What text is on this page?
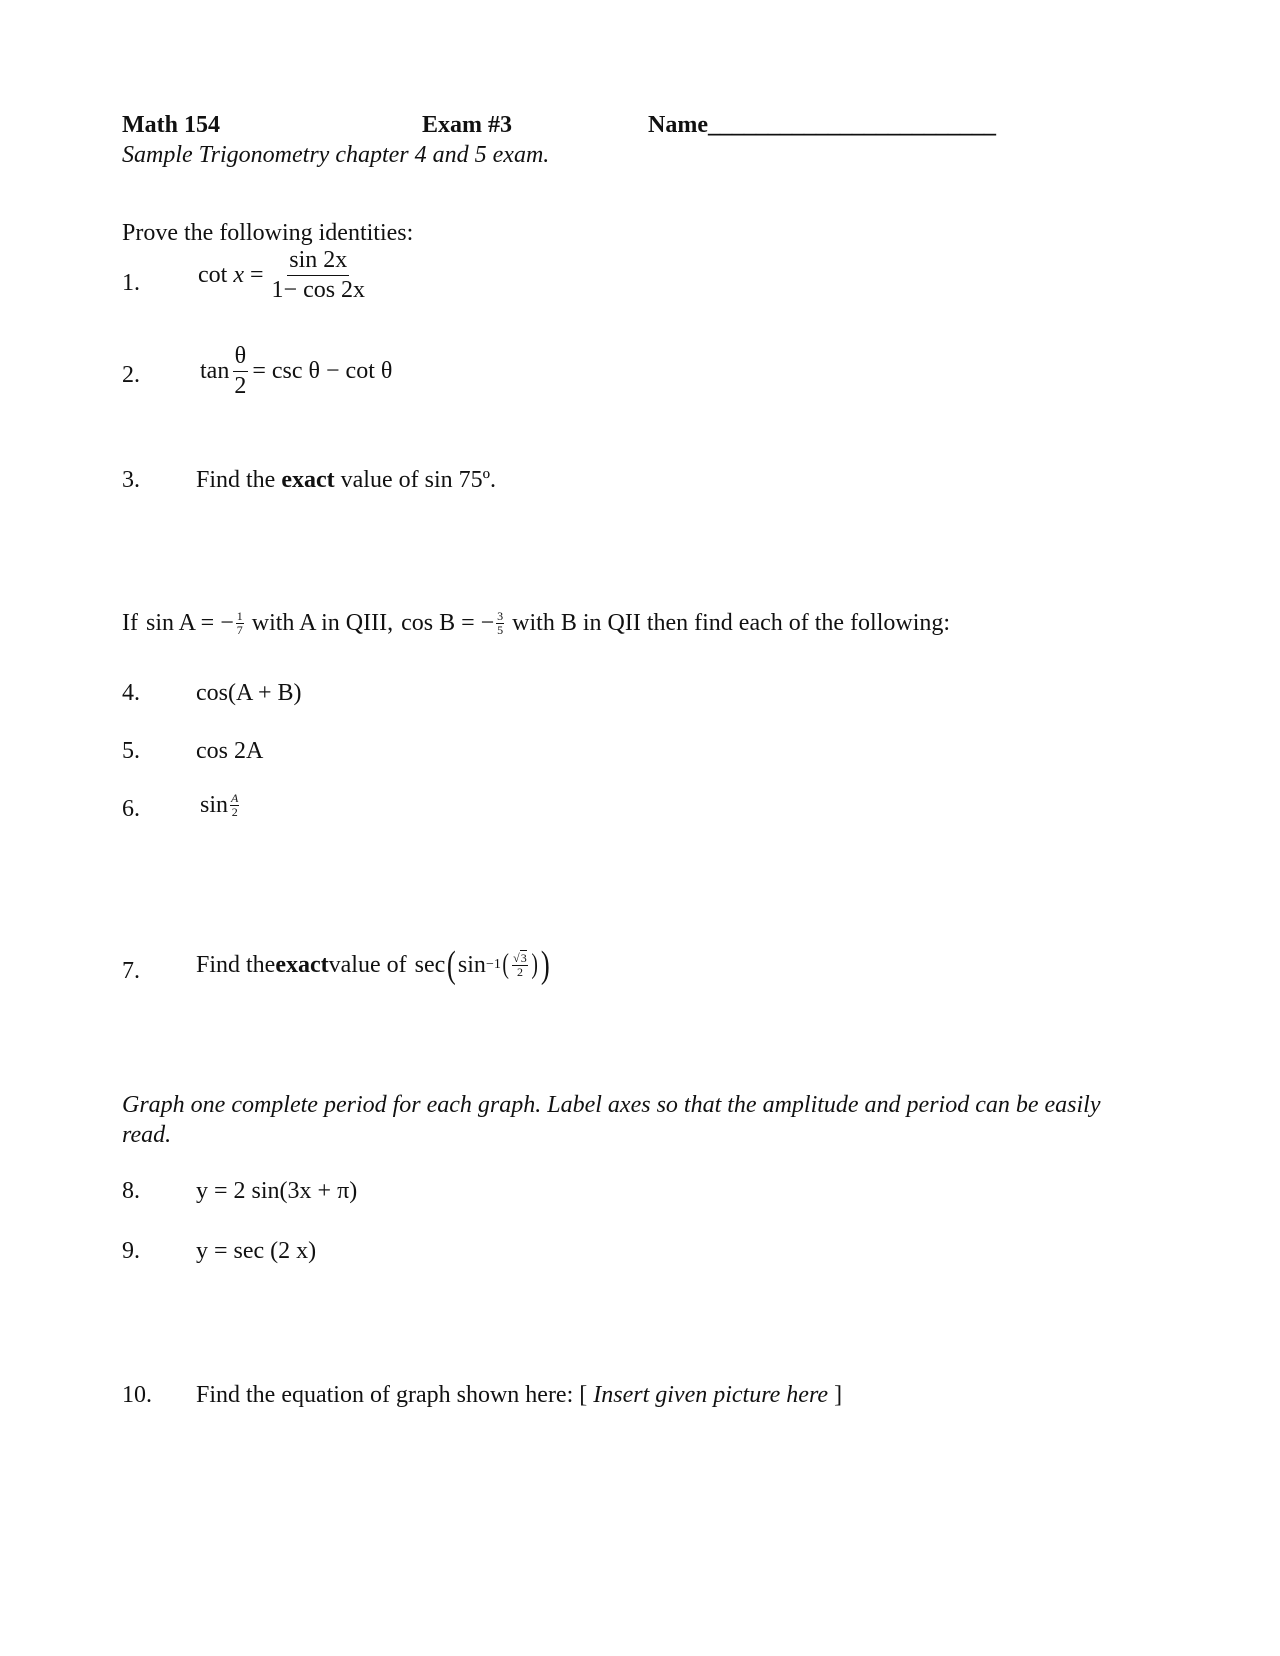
Math 154	Exam #3	Name________________________
Sample Trigonometry chapter 4 and 5 exam.
Prove the following identities:
1. $\cot x = \frac{\sin 2x}{1- \cos 2x}$
2.	$\tan \frac{\theta}{2} = \csc \theta - \cot \theta$
3. Find the exact value of sin 75º.
If sin A = − $\frac{1}{7}$ with A in QIII, cos B = − $\frac{3}{5}$ with B in QII then find each of the following:
4. cos(A + B)
5. cos 2A
6.	$\sin \frac{A}{2}$
7. Find the exact value of sec ( sin −1 ( $\frac{√3}{2}$ ) )
Graph one complete period for each graph. Label axes so that the amplitude and period can be easily read.
8. y = 2 sin(3x + π)
9. y = sec (2 x)
10. Find the equation of graph shown here: [ Insert given picture here ]
